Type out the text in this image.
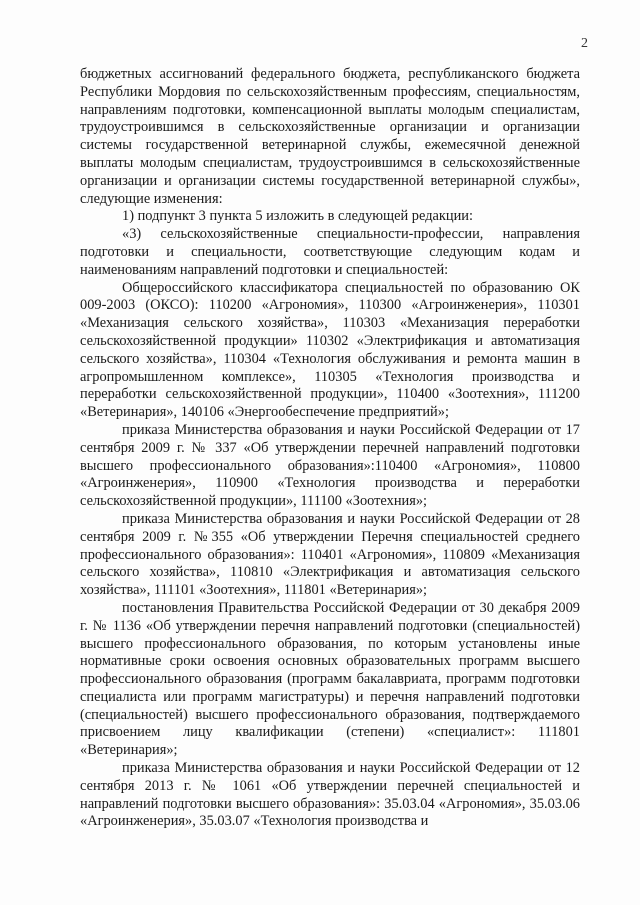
2

бюджетных ассигнований федерального бюджета, республиканского бюджета Республики Мордовия по сельскохозяйственным профессиям, специальностям, направлениям подготовки, компенсационной выплаты молодым специалистам, трудоустроившимся в сельскохозяйственные организации и организации системы государственной ветеринарной службы, ежемесячной денежной выплаты молодым специалистам, трудоустроившимся в сельскохозяйственные организации и организации системы государственной ветеринарной службы», следующие изменения:

1) подпункт 3 пункта 5 изложить в следующей редакции:

«3) сельскохозяйственные специальности-профессии, направления подготовки и специальности, соответствующие следующим кодам и наименованиям направлений подготовки и специальностей:

Общероссийского классификатора специальностей по образованию ОК 009-2003 (ОКСО): 110200 «Агрономия», 110300 «Агроинженерия», 110301 «Механизация сельского хозяйства», 110303 «Механизация переработки сельскохозяйственной продукции» 110302 «Электрификация и автоматизация сельского хозяйства», 110304 «Технология обслуживания и ремонта машин в агропромышленном комплексе», 110305 «Технология производства и переработки сельскохозяйственной продукции», 110400 «Зоотехния», 111200 «Ветеринария», 140106 «Энергообеспечение предприятий»;

приказа Министерства образования и науки Российской Федерации от 17 сентября 2009 г. № 337 «Об утверждении перечней направлений подготовки высшего профессионального образования»:110400 «Агрономия», 110800 «Агроинженерия», 110900 «Технология производства и переработки сельскохозяйственной продукции», 111100 «Зоотехния»;

приказа Министерства образования и науки Российской Федерации от 28 сентября 2009 г. №355 «Об утверждении Перечня специальностей среднего профессионального образования»: 110401 «Агрономия», 110809 «Механизация сельского хозяйства», 110810 «Электрификация и автоматизация сельского хозяйства», 111101 «Зоотехния», 111801 «Ветеринария»;

постановления Правительства Российской Федерации от 30 декабря 2009 г. № 1136 «Об утверждении перечня направлений подготовки (специальностей) высшего профессионального образования, по которым установлены иные нормативные сроки освоения основных образовательных программ высшего профессионального образования (программ бакалавриата, программ подготовки специалиста или программ магистратуры) и перечня направлений подготовки (специальностей) высшего профессионального образования, подтверждаемого присвоением лицу квалификации (степени) «специалист»: 111801 «Ветеринария»;

приказа Министерства образования и науки Российской Федерации от 12 сентября 2013 г. № 1061 «Об утверждении перечней специальностей и направлений подготовки высшего образования»: 35.03.04 «Агрономия», 35.03.06 «Агроинженерия», 35.03.07 «Технология производства и
